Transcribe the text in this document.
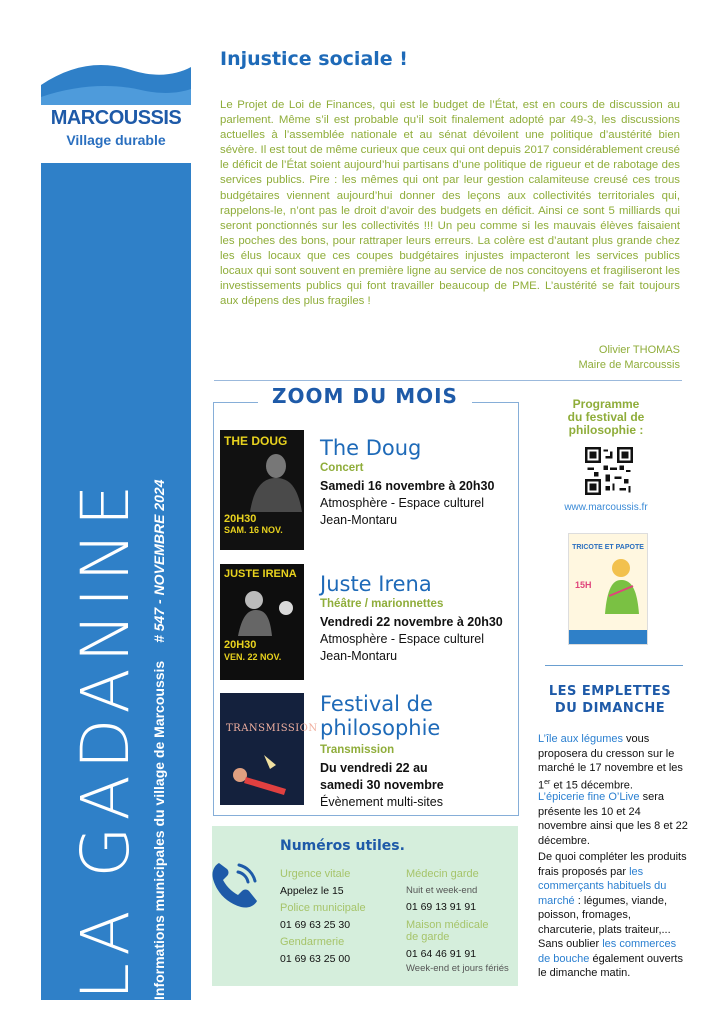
MARCOUSSIS
Village durable
LA GADANINE Informations municipales du village de Marcoussis # 547 - NOVEMBRE 2024
Injustice sociale !

Le Projet de Loi de Finances, qui est le budget de l’État, est en cours de discussion au parlement. Même s’il est probable qu’il soit finalement adopté par 49-3, les discussions actuelles à l’assemblée nationale et au sénat dévoilent une politique d’austérité bien sévère. Il est tout de même curieux que ceux qui ont depuis 2017 considérablement creusé le déficit de l’État soient aujourd’hui partisans d’une politique de rigueur et de rabotage des services publics. Pire : les mêmes qui ont par leur gestion calamiteuse creusé ces trous budgétaires viennent aujourd’hui donner des leçons aux collectivités territoriales qui, rappelons-le, n’ont pas le droit d’avoir des budgets en déficit. Ainsi ce sont 5 milliards qui seront ponctionnés sur les collectivités !!! Un peu comme si les mauvais élèves faisaient les poches des bons, pour rattraper leurs erreurs. La colère est d’autant plus grande chez les élus locaux que ces coupes budgétaires injustes impacteront les services publics locaux qui sont souvent en première ligne au service de nos concitoyens et fragiliseront les investissements publics qui font travailler beaucoup de PME. L’austérité se fait toujours aux dépens des plus fragiles !

Olivier THOMAS
Maire de Marcoussis
ZOOM DU MOIS
THE DOUG
20H30
SAM. 16 NOV.
The Doug
Concert
Samedi 16 novembre à 20h30
Atmosphère - Espace culturel
Jean-Montaru
JUSTE IRENA
20H30
VEN. 22 NOV.
Juste Irena
Théâtre / marionnettes
Vendredi 22 novembre à 20h30
Atmosphère - Espace culturel
Jean-Montaru
TRANSMISSION
Festival de
philosophie
Transmission
Du vendredi 22 au
samedi 30 novembre
Évènement multi-sites
Programme
du festival de
philosophie :
www.marcoussis.fr
TRICOTE ET PAPOTE
15H
LES EMPLETTES
DU DIMANCHE

L’île aux légumes vous proposera du cresson sur le marché le 17 novembre et les 1er et 15 décembre.

L’épicerie fine O’Live sera présente les 10 et 24 novembre ainsi que les 8 et 22 décembre.

De quoi compléter les produits frais proposés par les commerçants habituels du marché : légumes, viande, poisson, fromages, charcuterie, plats traiteur,... Sans oublier les commerces de bouche également ouverts le dimanche matin.

Numéros utiles.
Urgence vitale
Appelez le 15
Police municipale
01 69 63 25 30
Gendarmerie
01 69 63 25 00
Médecin garde
Nuit et week-end
01 69 13 91 91
Maison médicale
de garde
01 64 46 91 91
Week-end et jours fériés
